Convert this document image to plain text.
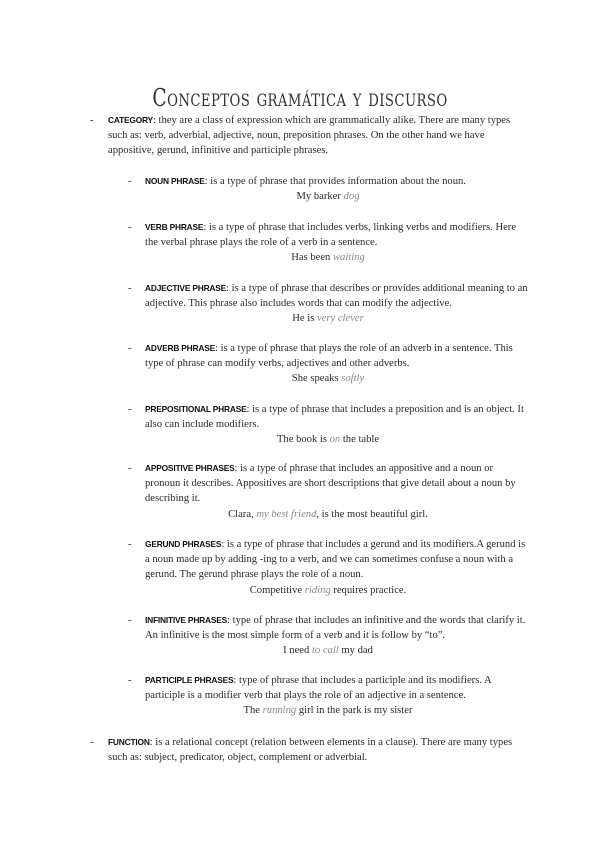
Conceptos gramática y discurso
-	CATEGORY: they are a class of expression which are grammatically alike. There are many types such as: verb, adverbial, adjective, noun, preposition phrases. On the other hand we have appositive, gerund, infinitive and participle phrases.

-	NOUN PHRASE: is a type of phrase that provides information about the noun.

My barker dog

-	VERB PHRASE: is a type of phrase that includes verbs, linking verbs and modifiers. Here the verbal phrase plays the role of a verb in a sentence.

Has been waiting

-	ADJECTIVE PHRASE: is a type of phrase that describes or provides additional meaning to an adjective. This phrase also includes words that can modify the adjective.

He is very clever

-	ADVERB PHRASE: is a type of phrase that plays the role of an adverb in a sentence. This type of phrase can modify verbs, adjectives and other adverbs.

She speaks softly

-	PREPOSITIONAL PHRASE: is a type of phrase that includes a preposition and is an object. It also can include modifiers.

The book is on the table

-	APPOSITIVE PHRASES: is a type of phrase that includes an appositive and a noun or pronoun it describes. Appositives are short descriptions that give detail about a noun by describing it.

Clara, my best friend, is the most beautiful girl.

-	GERUND PHRASES: is a type of phrase that includes a gerund and its modifiers.A gerund is a noun made up by adding -ing to a verb, and we can sometimes confuse a noun with a gerund. The gerund phrase plays the role of a noun.

Competitive riding requires practice.

-	INFINITIVE PHRASES: type of phrase that includes an infinitive and the words that clarify it. An infinitive is the most simple form of a verb and it is follow by “to”.

I need to call my dad

-	PARTICIPLE PHRASES: type of phrase that includes a participle and its modifiers. A participle is a modifier verb that plays the role of an adjective in a sentence.

The running girl in the park is my sister

-	FUNCTION: is a relational concept (relation between elements in a clause). There are many types such as: subject, predicator, object, complement or adverbial.
